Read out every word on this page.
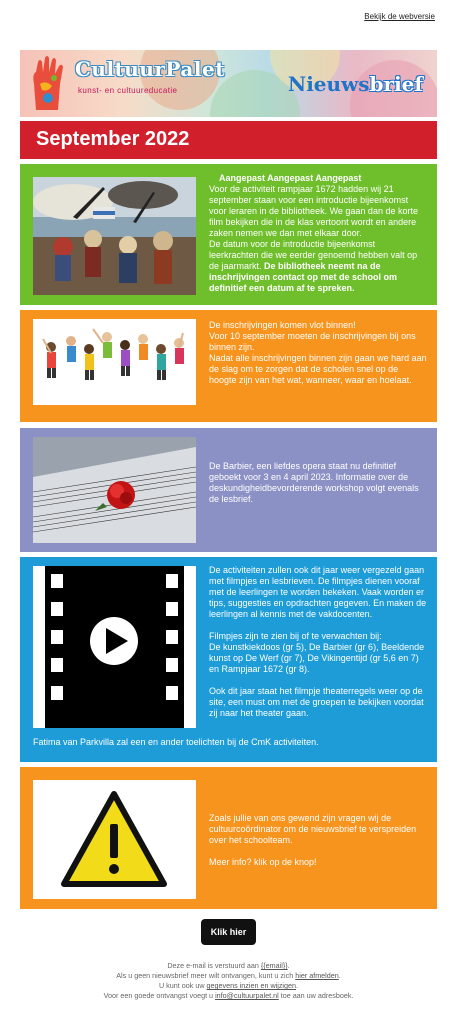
Bekijk de webversie
CultuurPalet
kunst- en cultuureducatie	Nieuwsbrief
September 2022
Aangepast Aangepast Aangepast
Voor de activiteit rampjaar 1672 hadden wij 21 september staan voor een introductie bijeenkomst voor leraren in de bibliotheek. We gaan dan de korte film bekijken die in de klas vertoont wordt en andere zaken nemen we dan met elkaar door.
De datum voor de introductie bijeenkomst leerkrachten die we eerder genoemd hebben valt op de jaarmarkt. De bibliotheek neemt na de inschrijvingen contact op met de school om definitief een datum af te spreken.
De inschrijvingen komen vlot binnen!
Voor 10 september moeten de inschrijvingen bij ons binnen zijn.
Nadat alle inschrijvingen binnen zijn gaan we hard aan de slag om te zorgen dat de scholen snel op de hoogte zijn van het wat, wanneer, waar en hoelaat.
De Barbier, een liefdes opera staat nu definitief geboekt voor 3 en 4 april 2023. Informatie over de deskundigheidbevorderende workshop volgt evenals de lesbrief.
De activiteiten zullen ook dit jaar weer vergezeld gaan met filmpjes en lesbrieven. De filmpjes dienen vooraf met de leerlingen te worden bekeken. Vaak worden er tips, suggesties en opdrachten gegeven. En maken de leerlingen al kennis met de vakdocenten.
Filmpjes zijn te zien bij of te verwachten bij:
De kunstkiekdoos (gr 5), De Barbier (gr 6), Beeldende kunst op De Werf (gr 7), De Vikingentijd (gr 5,6 en 7) en Rampjaar 1672 (gr 8).
Ook dit jaar staat het filmpje theaterregels weer op de site, een must om met de groepen te bekijken voordat zij naar het theater gaan.
Fatima van Parkvilla zal een en ander toelichten bij de CmK activiteiten.
Zoals jullie van ons gewend zijn vragen wij de cultuurcoördinator om de nieuwsbrief te verspreiden over het schoolteam.
Meer info? klik op de knop!
Klik hier
Deze e-mail is verstuurd aan {{email}}.
Als u geen nieuwsbrief meer wilt ontvangen, kunt u zich hier afmelden.
U kunt ook uw gegevens inzien en wijzigen.
Voor een goede ontvangst voegt u info@cultuurpalet.nl toe aan uw adresboek.
